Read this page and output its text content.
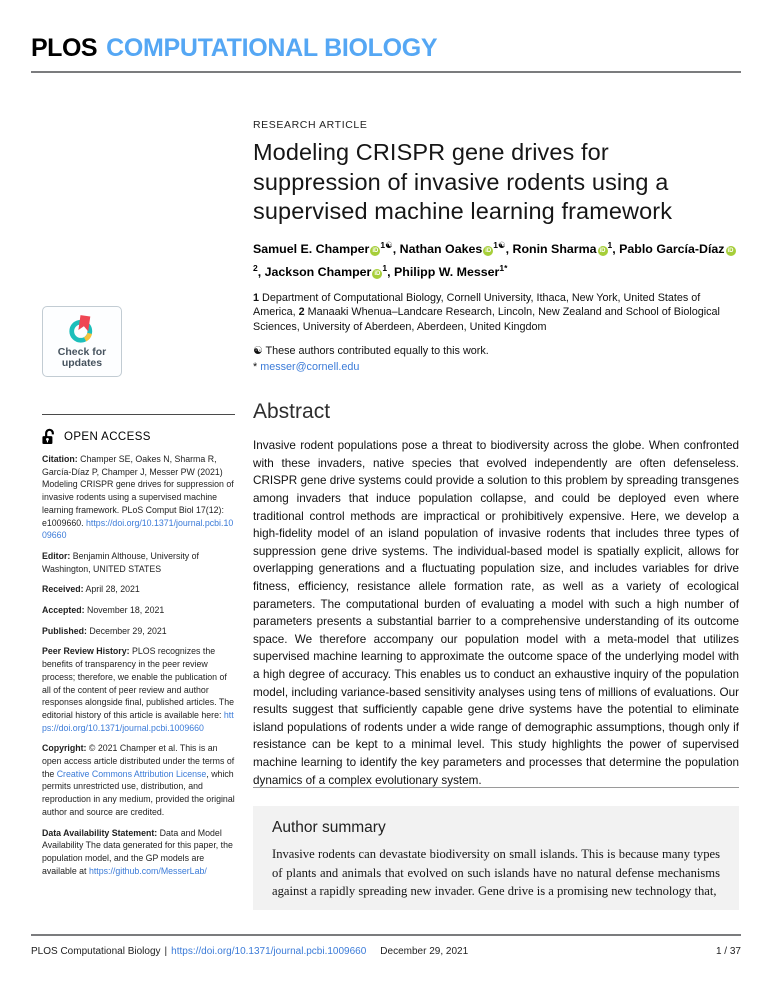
PLOS COMPUTATIONAL BIOLOGY
Check for
updates
OPEN ACCESS

Citation: Champer SE, Oakes N, Sharma R, García-Díaz P, Champer J, Messer PW (2021) Modeling CRISPR gene drives for suppression of invasive rodents using a supervised machine learning framework. PLoS Comput Biol 17(12): e1009660. https://doi.org/10.1371/journal.pcbi.1009660

Editor: Benjamin Althouse, University of Washington, UNITED STATES

Received: April 28, 2021

Accepted: November 18, 2021

Published: December 29, 2021

Peer Review History: PLOS recognizes the benefits of transparency in the peer review process; therefore, we enable the publication of all of the content of peer review and author responses alongside final, published articles. The editorial history of this article is available here: https://doi.org/10.1371/journal.pcbi.1009660

Copyright: © 2021 Champer et al. This is an open access article distributed under the terms of the Creative Commons Attribution License, which permits unrestricted use, distribution, and reproduction in any medium, provided the original author and source are credited.

Data Availability Statement: Data and Model Availability The data generated for this paper, the population model, and the GP models are available at https://github.com/MesserLab/

RESEARCH ARTICLE
Modeling CRISPR gene drives for suppression of invasive rodents using a supervised machine learning framework

Samuel E. Champer $iD^{1☯}$, Nathan Oakes $iD^{1☯}$, Ronin Sharma $iD^1$, Pablo García-Díaz $iD^2$, Jackson Champer $iD^1$, Philipp W. Messer$^{1*}$

1 Department of Computational Biology, Cornell University, Ithaca, New York, United States of America, 2 Manaaki Whenua–Landcare Research, Lincoln, New Zealand and School of Biological Sciences, University of Aberdeen, Aberdeen, United Kingdom

☯ These authors contributed equally to this work.

* messer@cornell.edu

Abstract

Invasive rodent populations pose a threat to biodiversity across the globe. When confronted with these invaders, native species that evolved independently are often defenseless. CRISPR gene drive systems could provide a solution to this problem by spreading transgenes among invaders that induce population collapse, and could be deployed even where traditional control methods are impractical or prohibitively expensive. Here, we develop a high-fidelity model of an island population of invasive rodents that includes three types of suppression gene drive systems. The individual-based model is spatially explicit, allows for overlapping generations and a fluctuating population size, and includes variables for drive fitness, efficiency, resistance allele formation rate, as well as a variety of ecological parameters. The computational burden of evaluating a model with such a high number of parameters presents a substantial barrier to a comprehensive understanding of its outcome space. We therefore accompany our population model with a meta-model that utilizes supervised machine learning to approximate the outcome space of the underlying model with a high degree of accuracy. This enables us to conduct an exhaustive inquiry of the population model, including variance-based sensitivity analyses using tens of millions of evaluations. Our results suggest that sufficiently capable gene drive systems have the potential to eliminate island populations of rodents under a wide range of demographic assumptions, though only if resistance can be kept to a minimal level. This study highlights the power of supervised machine learning to identify the key parameters and processes that determine the population dynamics of a complex evolutionary system.

Author summary

Invasive rodents can devastate biodiversity on small islands. This is because many types of plants and animals that evolved on such islands have no natural defense mechanisms against a rapidly spreading new invader. Gene drive is a promising new technology that,

PLOS Computational Biology | https://doi.org/10.1371/journal.pcbi.1009660 December 29, 2021	1 / 37
